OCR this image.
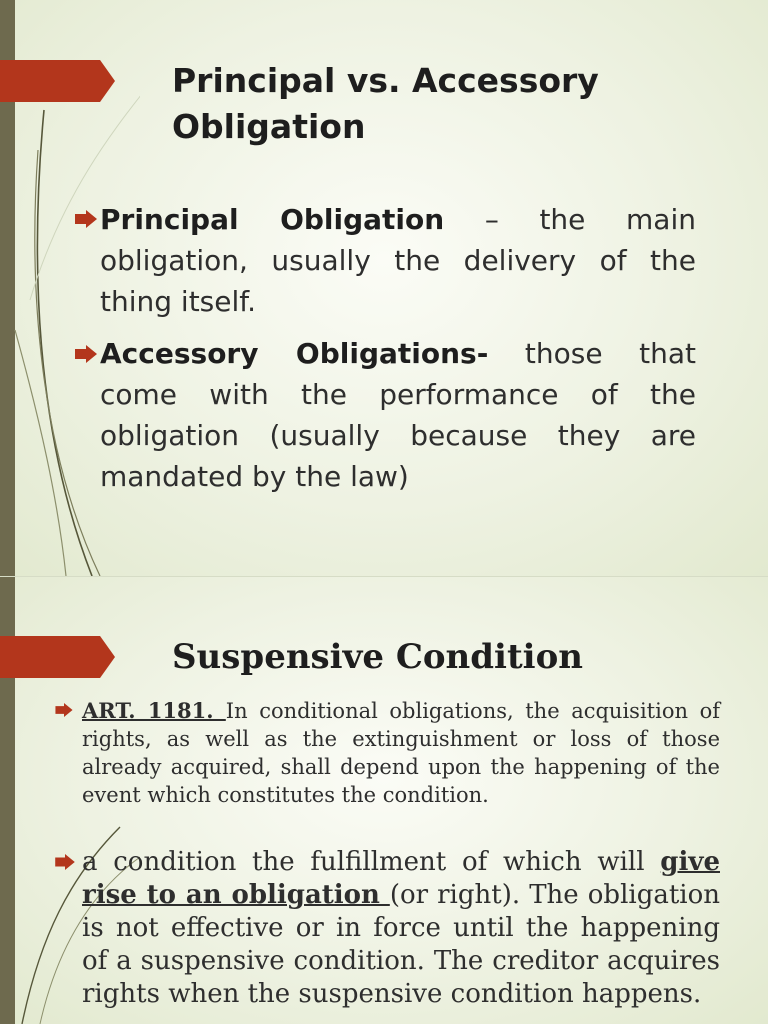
Principal vs. Accessory Obligation

Principal Obligation – the main obligation, usually the delivery of the thing itself.

Accessory Obligations- those that come with the performance of the obligation (usually because they are mandated by the law)

Suspensive Condition

ART. 1181. In conditional obligations, the acquisition of rights, as well as the extinguishment or loss of those already acquired, shall depend upon the happening of the event which constitutes the condition.

a condition the fulfillment of which will give rise to an obligation (or right). The obligation is not effective or in force until the happening of a suspensive condition. The creditor acquires rights when the suspensive condition happens.
